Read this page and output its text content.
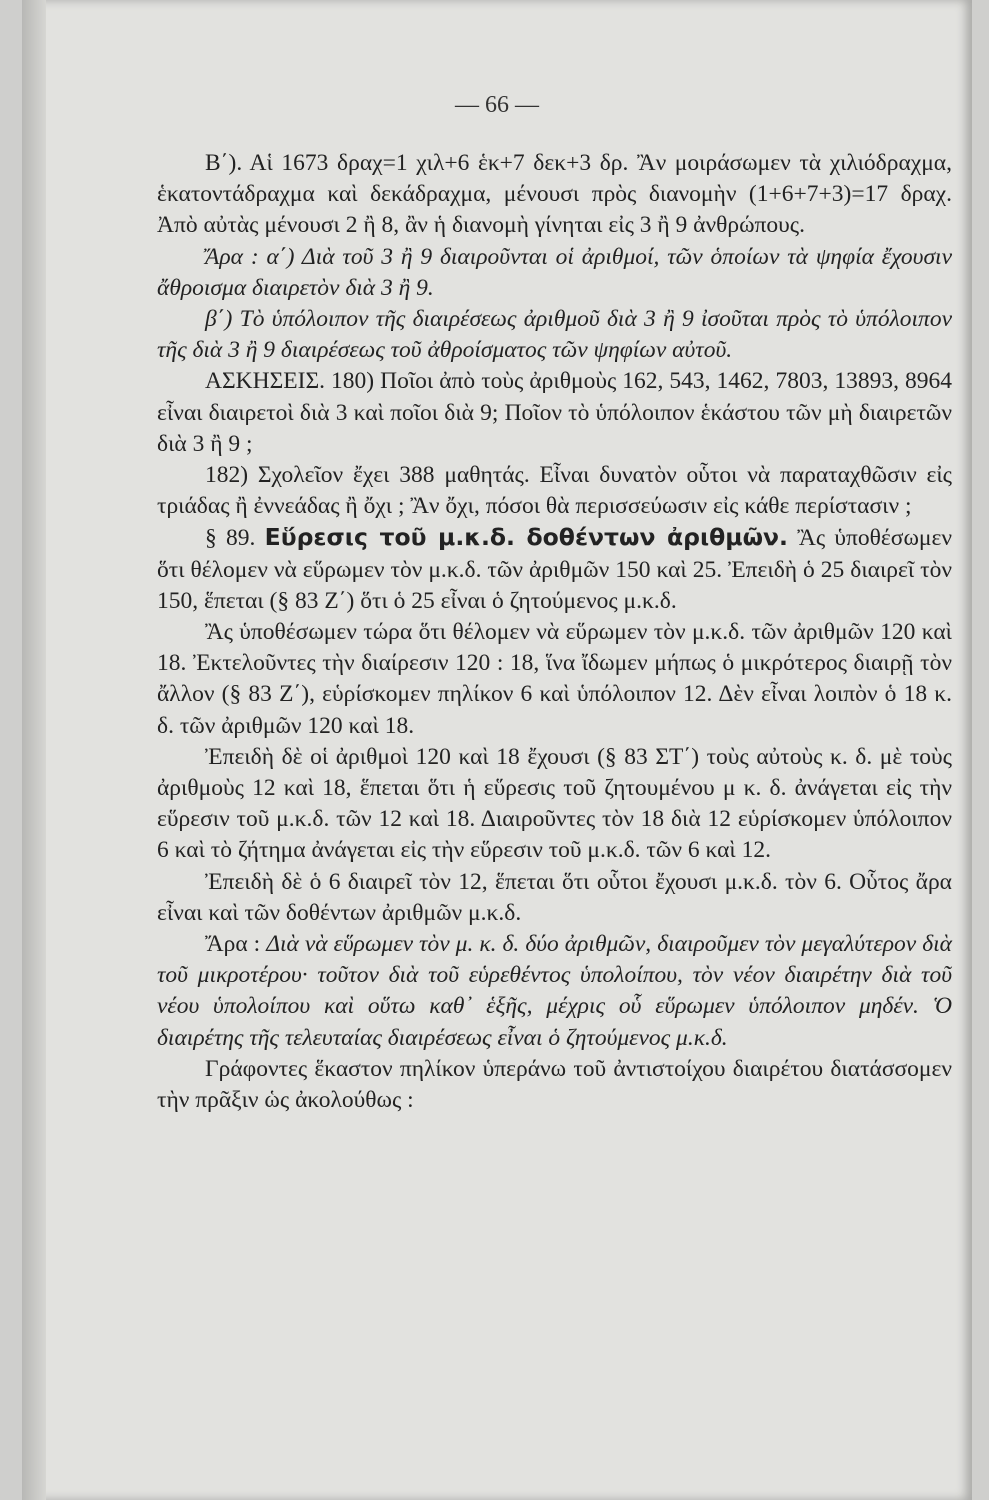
— 66 —

Β΄). Αἱ 1673 δραχ=1 χιλ+6 ἑκ+7 δεκ+3 δρ. Ἂν μοιράσωμεν τὰ χιλιόδραχμα, ἑκατοντάδραχμα καὶ δεκάδραχμα, μένουσι πρὸς διανομὴν (1+6+7+3)=17 δραχ. Ἀπὸ αὐτὰς μένουσι 2 ἢ 8, ἂν ἡ διανομὴ γίνηται εἰς 3 ἢ 9 ἀνθρώπους.

Ἄρα : α΄) Διὰ τοῦ 3 ἢ 9 διαιροῦνται οἱ ἀριθμοί, τῶν ὁποίων τὰ ψηφία ἔχουσιν ἄθροισμα διαιρετὸν διὰ 3 ἢ 9.

β΄) Τὸ ὑπόλοιπον τῆς διαιρέσεως ἀριθμοῦ διὰ 3 ἢ 9 ἰσοῦται πρὸς τὸ ὑπόλοιπον τῆς διὰ 3 ἢ 9 διαιρέσεως τοῦ ἀθροίσματος τῶν ψηφίων αὐτοῦ.

ΑΣΚΗΣΕΙΣ. 180) Ποῖοι ἀπὸ τοὺς ἀριθμοὺς 162, 543, 1462, 7803, 13893, 8964 εἶναι διαιρετοὶ διὰ 3 καὶ ποῖοι διὰ 9; Ποῖον τὸ ὑπόλοιπον ἑκάστου τῶν μὴ διαιρετῶν διὰ 3 ἢ 9 ;

182) Σχολεῖον ἔχει 388 μαθητάς. Εἶναι δυνατὸν οὗτοι νὰ παραταχθῶσιν εἰς τριάδας ἢ ἐννεάδας ἢ ὄχι ; Ἂν ὄχι, πόσοι θὰ περισσεύωσιν εἰς κάθε περίστασιν ;

§ 89. Εὕρεσις τοῦ μ.κ.δ. δοθέντων ἀριθμῶν. Ἂς ὑποθέσωμεν ὅτι θέλομεν νὰ εὕρωμεν τὸν μ.κ.δ. τῶν ἀριθμῶν 150 καὶ 25. Ἐπειδὴ ὁ 25 διαιρεῖ τὸν 150, ἕπεται (§ 83 Ζ΄) ὅτι ὁ 25 εἶναι ὁ ζητούμενος μ.κ.δ.

Ἂς ὑποθέσωμεν τώρα ὅτι θέλομεν νὰ εὕρωμεν τὸν μ.κ.δ. τῶν ἀριθμῶν 120 καὶ 18. Ἐκτελοῦντες τὴν διαίρεσιν 120 : 18, ἵνα ἴδωμεν μήπως ὁ μικρότερος διαιρῇ τὸν ἄλλον (§ 83 Ζ΄), εὑρίσκομεν πηλίκον 6 καὶ ὑπόλοιπον 12. Δὲν εἶναι λοιπὸν ὁ 18 κ. δ. τῶν ἀριθμῶν 120 καὶ 18.

Ἐπειδὴ δὲ οἱ ἀριθμοὶ 120 καὶ 18 ἔχουσι (§ 83 ΣΤ΄) τοὺς αὐτοὺς κ. δ. μὲ τοὺς ἀριθμοὺς 12 καὶ 18, ἕπεται ὅτι ἡ εὕρεσις τοῦ ζητουμένου μ κ. δ. ἀνάγεται εἰς τὴν εὕρεσιν τοῦ μ.κ.δ. τῶν 12 καὶ 18. Διαιροῦντες τὸν 18 διὰ 12 εὑρίσκομεν ὑπόλοιπον 6 καὶ τὸ ζήτημα ἀνάγεται εἰς τὴν εὕρεσιν τοῦ μ.κ.δ. τῶν 6 καὶ 12.

Ἐπειδὴ δὲ ὁ 6 διαιρεῖ τὸν 12, ἕπεται ὅτι οὗτοι ἔχουσι μ.κ.δ. τὸν 6. Οὗτος ἄρα εἶναι καὶ τῶν δοθέντων ἀριθμῶν μ.κ.δ.

Ἄρα : Διὰ νὰ εὕρωμεν τὸν μ. κ. δ. δύο ἀριθμῶν, διαιροῦμεν τὸν μεγαλύτερον διὰ τοῦ μικροτέρου· τοῦτον διὰ τοῦ εὑρεθέντος ὑπολοίπου, τὸν νέον διαιρέτην διὰ τοῦ νέου ὑπολοίπου καὶ οὕτω καθ᾽ ἑξῆς, μέχρις οὗ εὕρωμεν ὑπόλοιπον μηδέν. Ὁ διαιρέτης τῆς τελευταίας διαιρέσεως εἶναι ὁ ζητούμενος μ.κ.δ.

Γράφοντες ἕκαστον πηλίκον ὑπεράνω τοῦ ἀντιστοίχου διαιρέτου διατάσσομεν τὴν πρᾶξιν ὡς ἀκολούθως :
